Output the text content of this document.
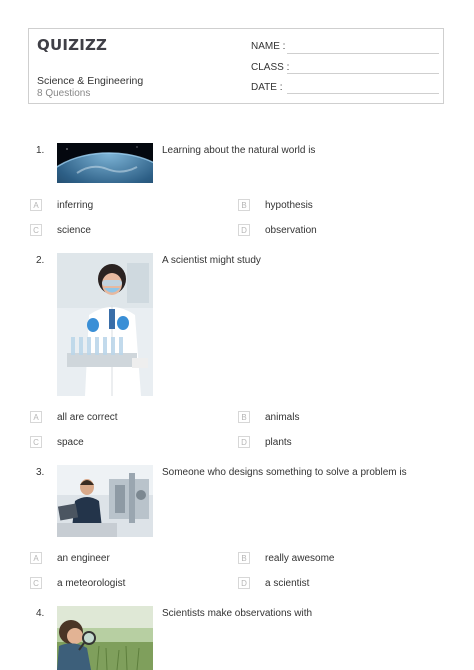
QUIZIZZ
Science & Engineering
8 Questions
NAME :
CLASS :
DATE :
1.	Learning about the natural world is
A	inferring	B	hypothesis
C	science	D	observation
2.	A scientist might study
A	all are correct	B	animals
C	space	D	plants
3.	Someone who designs something to solve a problem is
A	an engineer	B	really awesome
C	a meteorologist	D	a scientist
4.	Scientists make observations with
